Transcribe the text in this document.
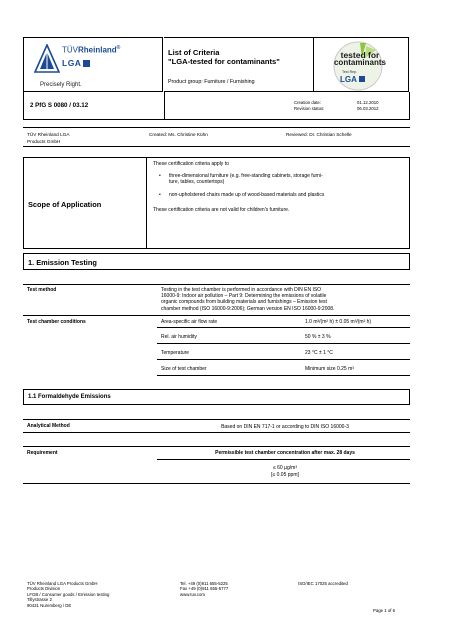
TÜVRheinland®
LGA
Precisely Right.
List of Criteria
"LGA-tested for contaminants"
Product group: Furniture / Furnishing
tested for
contaminants
Test Rep.
LGA
2 PfG S 0080 / 03.12	Creation date:	01.12.2010
Revision status:	06.03.2012
TÜV Rheinland LGA
Products GmbH
Created: Ms. Christine Kühn	Reviewed: Dr. Christian Schelle
Scope of Application
These certification criteria apply to
• three-dimensional furniture (e.g. free-standing cabinets, storage furni-
ture, tables, countertops)
• non-upholstered chairs made up of wood-based materials and plastics
These certification criteria are not valid for children's furniture.
1. Emission Testing
Test method	Testing in the test chamber is performed in accordance with DIN EN ISO
16000-9: Indoor air pollution – Part 9: Determining the emissions of volatile
organic compounds from building materials and furnishings – Emission test
chamber method (ISO 16000-9:2006); German version EN ISO 16000-9:2008.
Test chamber conditions	Area-specific air flow rate	1.0 m³/(m² h) ± 0.05 m³/(m² h)
Rel. air humidity	50 % ± 3 %
Temperature	23 °C ± 1 °C
Size of test chamber	Minimum size 0.25 m³
1.1 Formaldehyde Emissions
Analytical Method	Based on DIN EN 717-1 or according to DIN ISO 16000-3
Requirement	Permissible test chamber concentration after max. 28 days
≤ 60 µg/m³
[≤ 0.05 ppm]
TÜV Rheinland LGA Products GmbH
Products Division
LFGB / Consumer goods / Emission testing
Tillystrasse 2
90431 Nuremberg / DE
Tel. +49 (0)911 655-5225
Fax +49 (0)911 655-5777
www.tuv.com
ISO/IEC 17025 accredited
Page 1 of 6
